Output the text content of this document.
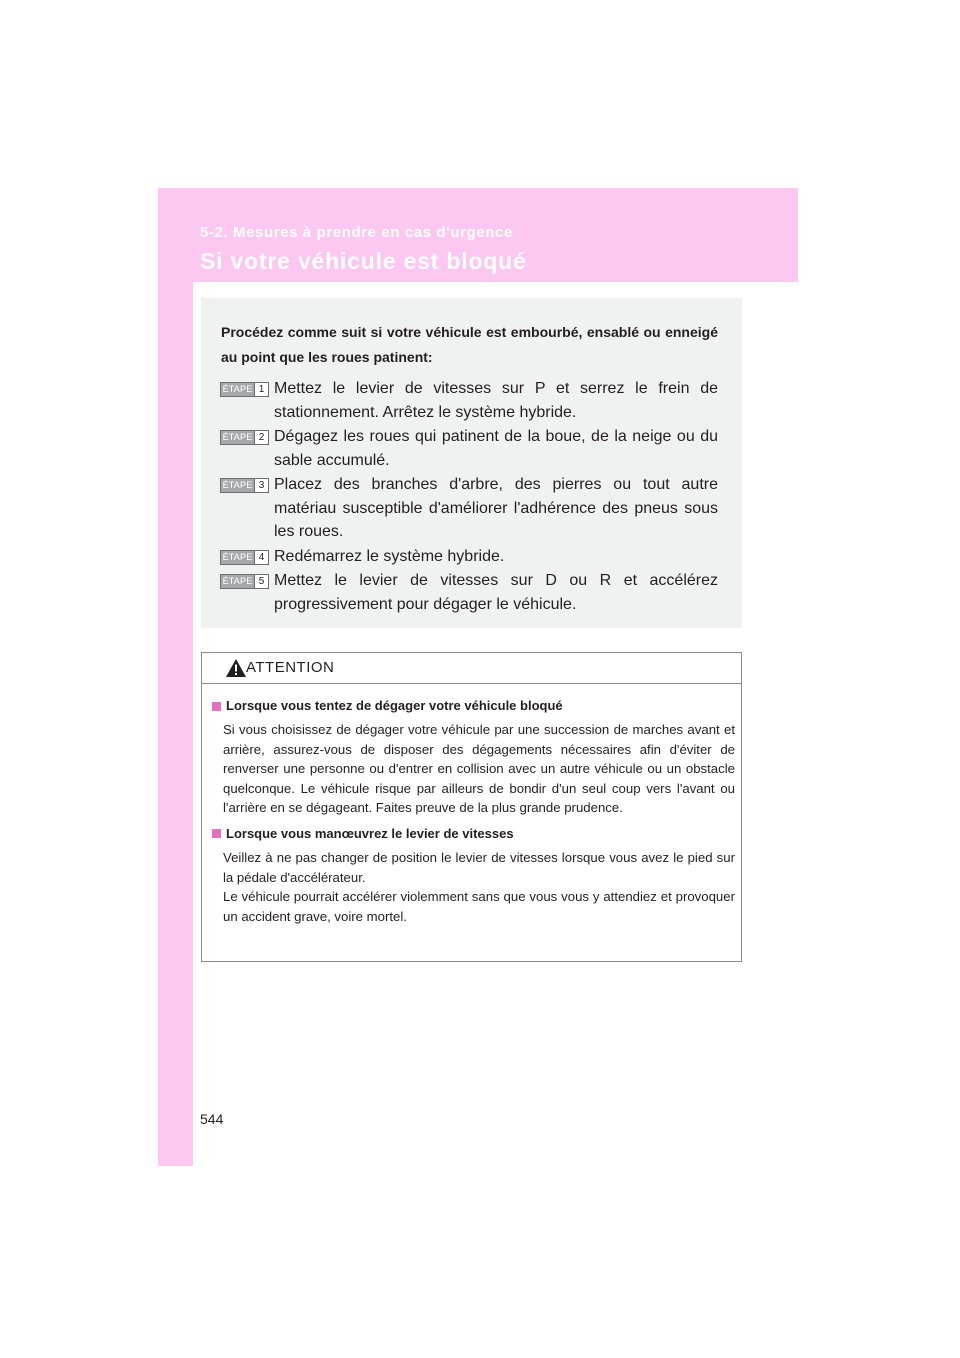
5-2. Mesures à prendre en cas d'urgence
Si votre véhicule est bloqué
Procédez comme suit si votre véhicule est embourbé, ensablé ou enneigé au point que les roues patinent:
ÉTAPE 1 Mettez le levier de vitesses sur P et serrez le frein de stationnement. Arrêtez le système hybride.
ÉTAPE 2 Dégagez les roues qui patinent de la boue, de la neige ou du sable accumulé.
ÉTAPE 3 Placez des branches d'arbre, des pierres ou tout autre matériau susceptible d'améliorer l'adhérence des pneus sous les roues.
ÉTAPE 4 Redémarrez le système hybride.
ÉTAPE 5 Mettez le levier de vitesses sur D ou R et accélérez progressivement pour dégager le véhicule.
ATTENTION
Lorsque vous tentez de dégager votre véhicule bloqué
Si vous choisissez de dégager votre véhicule par une succession de marches avant et arrière, assurez-vous de disposer des dégagements nécessaires afin d'éviter de renverser une personne ou d'entrer en collision avec un autre véhicule ou un obstacle quelconque. Le véhicule risque par ailleurs de bondir d'un seul coup vers l'avant ou l'arrière en se dégageant. Faites preuve de la plus grande prudence.
Lorsque vous manœuvrez le levier de vitesses
Veillez à ne pas changer de position le levier de vitesses lorsque vous avez le pied sur la pédale d'accélérateur.
Le véhicule pourrait accélérer violemment sans que vous vous y attendiez et provoquer un accident grave, voire mortel.
544
